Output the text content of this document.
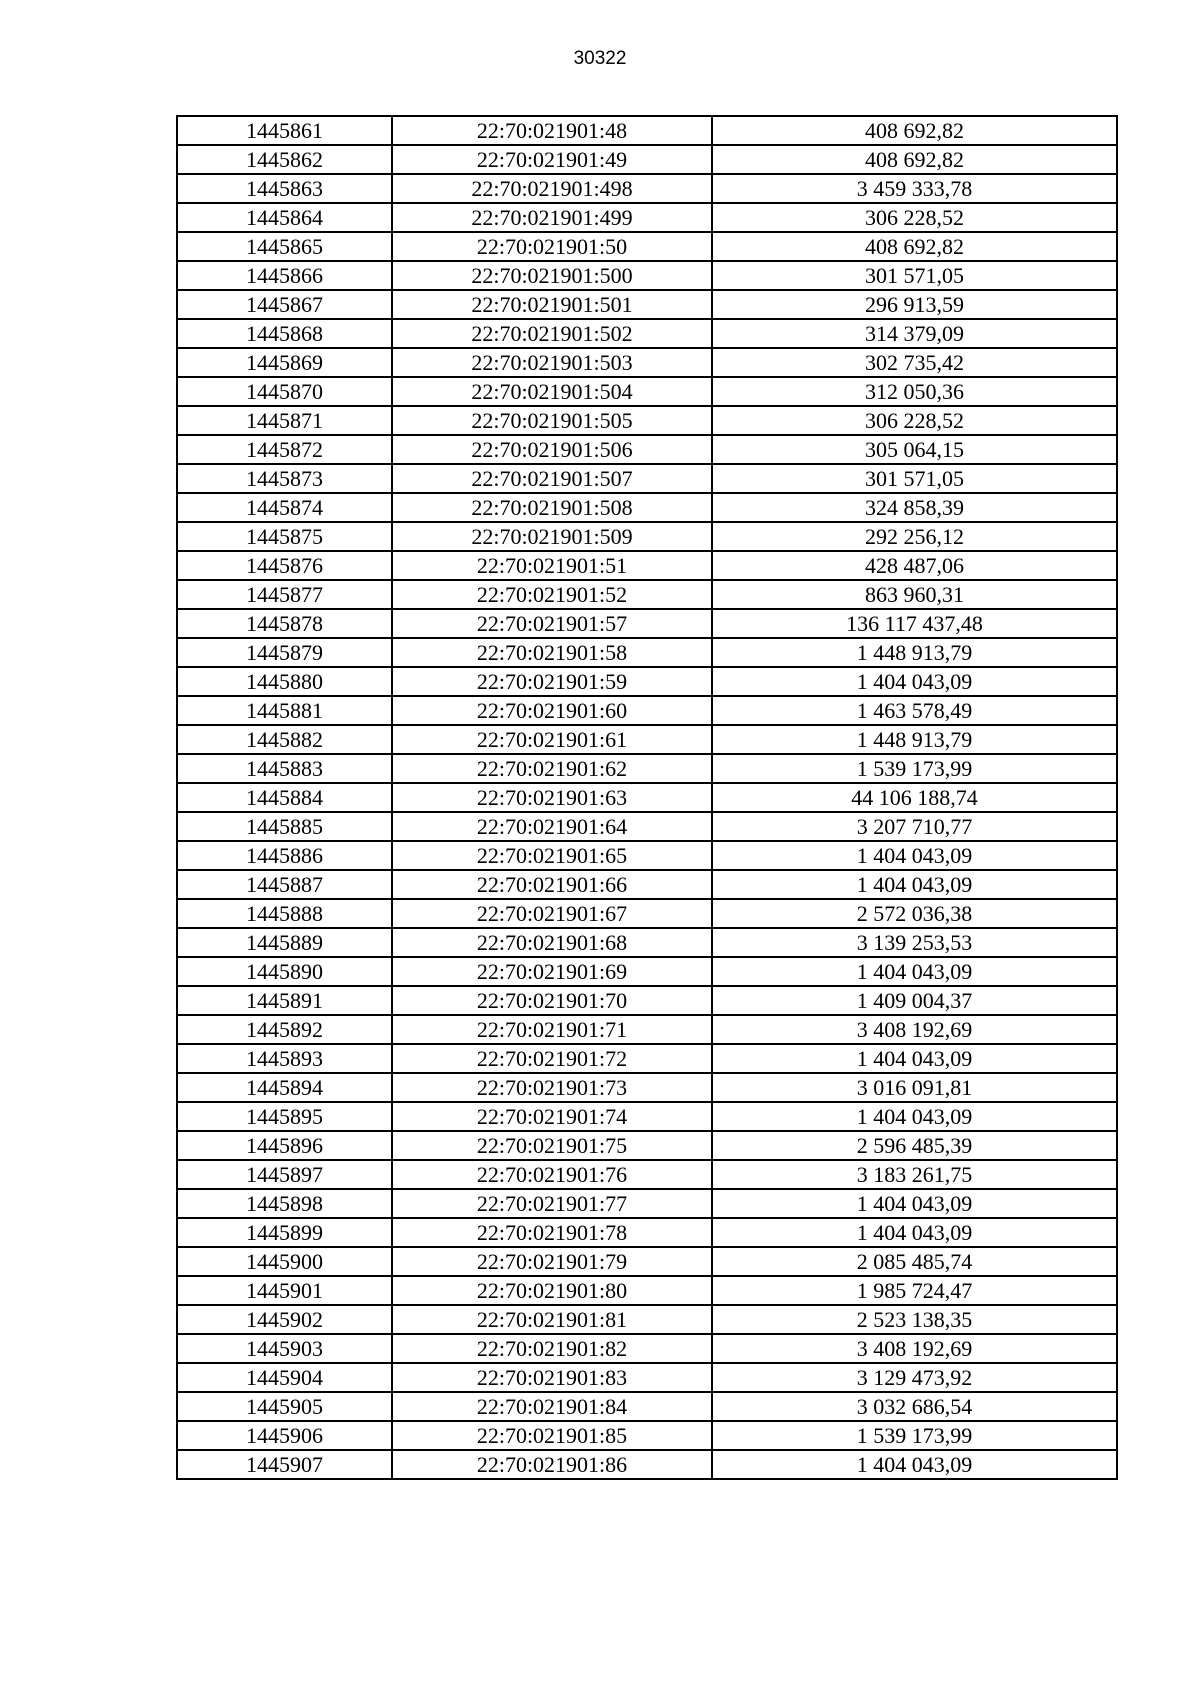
30322
1445861	22:70:021901:48	408 692,82
1445862	22:70:021901:49	408 692,82
1445863	22:70:021901:498	3 459 333,78
1445864	22:70:021901:499	306 228,52
1445865	22:70:021901:50	408 692,82
1445866	22:70:021901:500	301 571,05
1445867	22:70:021901:501	296 913,59
1445868	22:70:021901:502	314 379,09
1445869	22:70:021901:503	302 735,42
1445870	22:70:021901:504	312 050,36
1445871	22:70:021901:505	306 228,52
1445872	22:70:021901:506	305 064,15
1445873	22:70:021901:507	301 571,05
1445874	22:70:021901:508	324 858,39
1445875	22:70:021901:509	292 256,12
1445876	22:70:021901:51	428 487,06
1445877	22:70:021901:52	863 960,31
1445878	22:70:021901:57	136 117 437,48
1445879	22:70:021901:58	1 448 913,79
1445880	22:70:021901:59	1 404 043,09
1445881	22:70:021901:60	1 463 578,49
1445882	22:70:021901:61	1 448 913,79
1445883	22:70:021901:62	1 539 173,99
1445884	22:70:021901:63	44 106 188,74
1445885	22:70:021901:64	3 207 710,77
1445886	22:70:021901:65	1 404 043,09
1445887	22:70:021901:66	1 404 043,09
1445888	22:70:021901:67	2 572 036,38
1445889	22:70:021901:68	3 139 253,53
1445890	22:70:021901:69	1 404 043,09
1445891	22:70:021901:70	1 409 004,37
1445892	22:70:021901:71	3 408 192,69
1445893	22:70:021901:72	1 404 043,09
1445894	22:70:021901:73	3 016 091,81
1445895	22:70:021901:74	1 404 043,09
1445896	22:70:021901:75	2 596 485,39
1445897	22:70:021901:76	3 183 261,75
1445898	22:70:021901:77	1 404 043,09
1445899	22:70:021901:78	1 404 043,09
1445900	22:70:021901:79	2 085 485,74
1445901	22:70:021901:80	1 985 724,47
1445902	22:70:021901:81	2 523 138,35
1445903	22:70:021901:82	3 408 192,69
1445904	22:70:021901:83	3 129 473,92
1445905	22:70:021901:84	3 032 686,54
1445906	22:70:021901:85	1 539 173,99
1445907	22:70:021901:86	1 404 043,09
